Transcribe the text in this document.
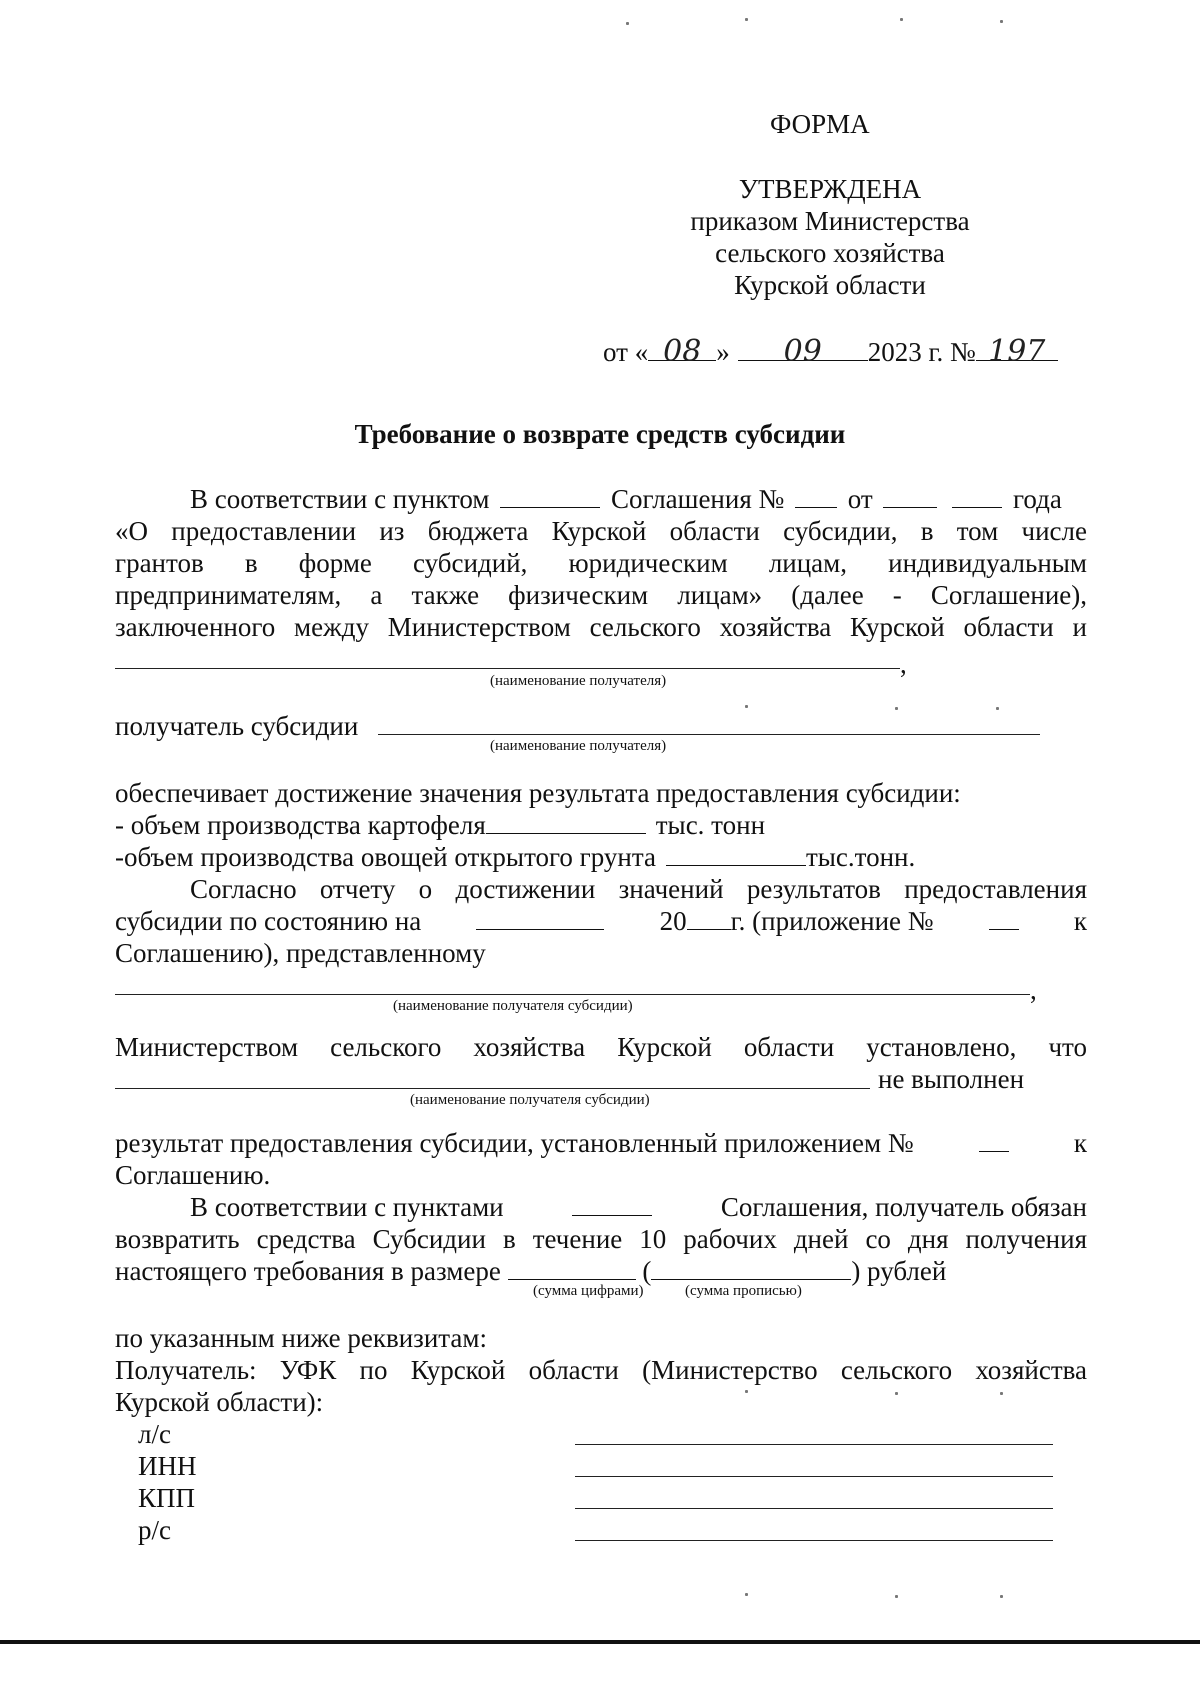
ФОРМА
УТВЕРЖДЕНА
приказом Министерства
сельского хозяйства
Курской области
от « 08 » 09 2023 г. № 197
Требование о возврате средств субсидии
В соответствии с пунктом	Соглашения № от	года
«О предоставлении из бюджета Курской области субсидии, в том числе
грантов в форме субсидий, юридическим лицам, индивидуальным
предпринимателям, а также физическим лицам» (далее - Соглашение),
заключенного между Министерством сельского хозяйства Курской области и
,
(наименование получателя)
получатель субсидии
(наименование получателя)
обеспечивает достижение значения результата предоставления субсидии:
- объем производства картофеля	тыс. тонн
-объем производства овощей открытого грунта	тыс.тонн.
Согласно отчету о достижении значений результатов предоставления
субсидии по состоянию на	20 г. (приложение №	к
Соглашению), представленному
,
(наименование получателя субсидии)
Министерством сельского хозяйства Курской области установлено, что
не выполнен
(наименование получателя субсидии)
результат предоставления субсидии, установленный приложением №	к
Соглашению.
В соответствии с пунктами	Соглашения, получатель обязан
возвратить средства Субсидии в течение 10 рабочих дней со дня получения
настоящего требования в размере	(	) рублей
(сумма цифрами)	(сумма прописью)
по указанным ниже реквизитам:
Получатель: УФК по Курской области (Министерство сельского хозяйства
Курской области):
л/с
ИНН
КПП
р/с
